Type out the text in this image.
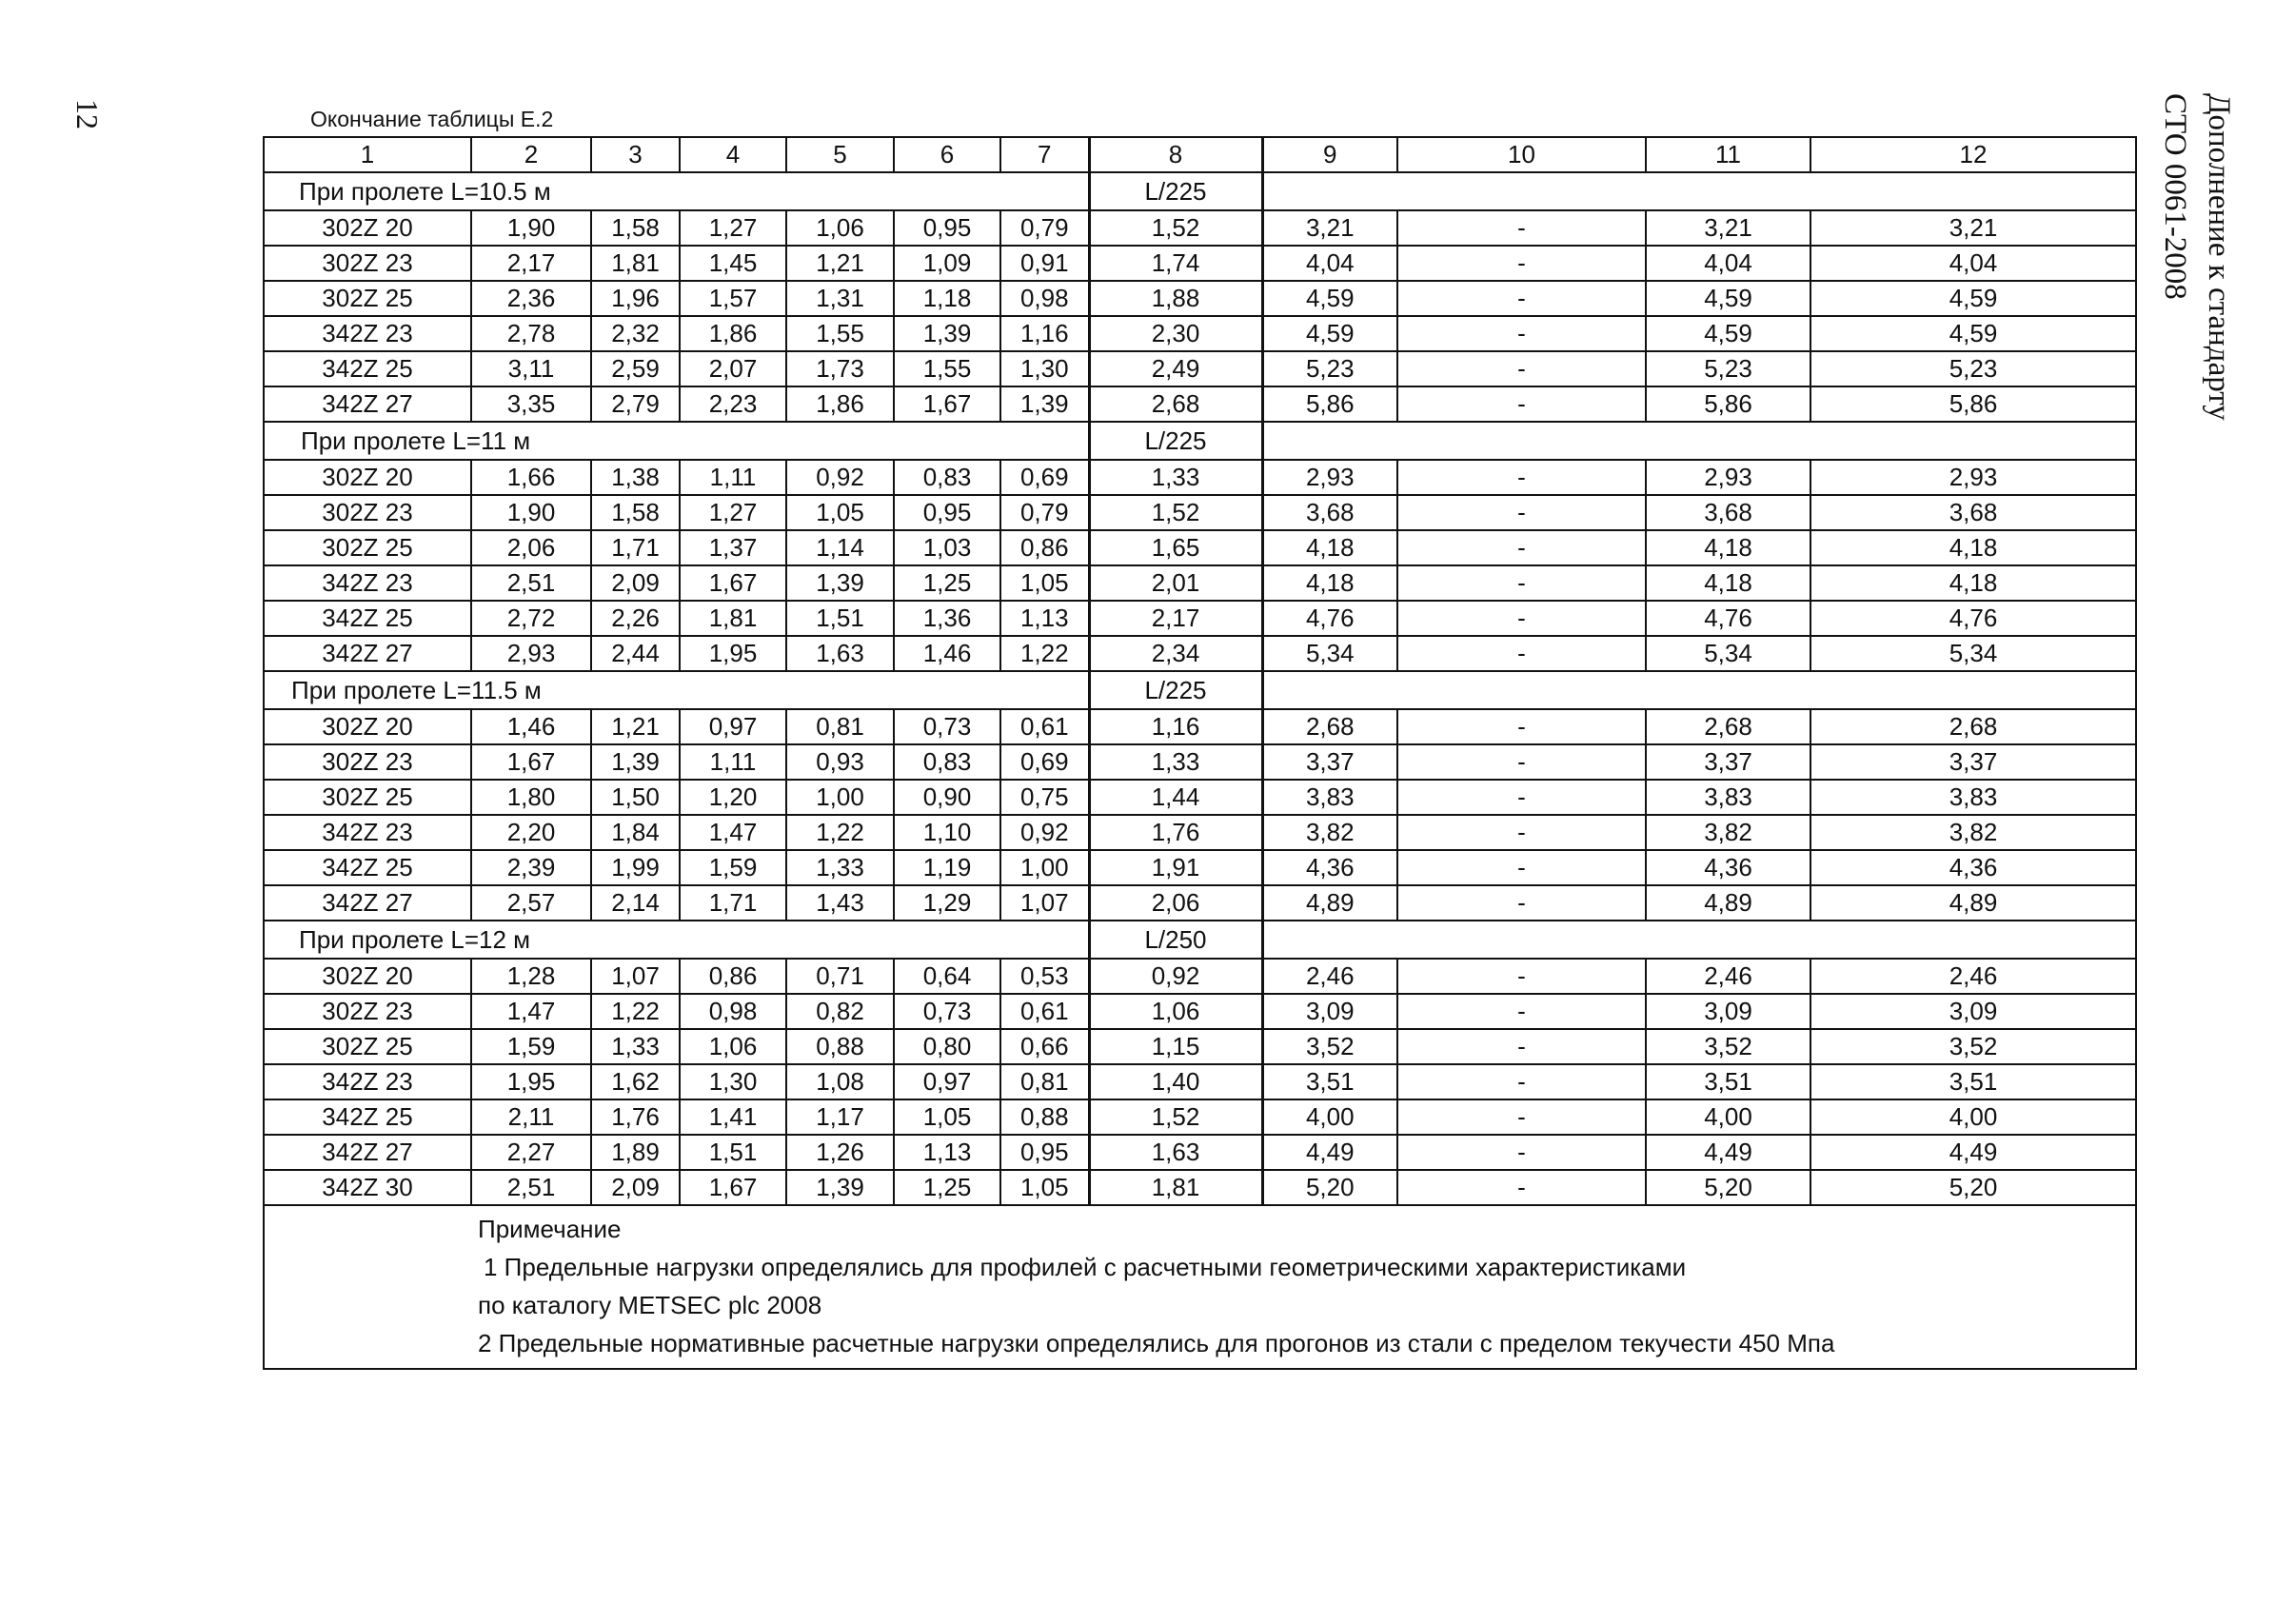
12	Дополнение к стандарту
СТО 0061-2008
Окончание таблицы Е.2
1	2	3	4	5	6	7	8	9	10	11	12
При пролете L=10.5 м							L/225				
302Z 20	1,90	1,58	1,27	1,06	0,95	0,79	1,52	3,21	-	3,21	3,21
302Z 23	2,17	1,81	1,45	1,21	1,09	0,91	1,74	4,04	-	4,04	4,04
302Z 25	2,36	1,96	1,57	1,31	1,18	0,98	1,88	4,59	-	4,59	4,59
342Z 23	2,78	2,32	1,86	1,55	1,39	1,16	2,30	4,59	-	4,59	4,59
342Z 25	3,11	2,59	2,07	1,73	1,55	1,30	2,49	5,23	-	5,23	5,23
342Z 27	3,35	2,79	2,23	1,86	1,67	1,39	2,68	5,86	-	5,86	5,86
При пролете L=11 м							L/225				
302Z 20	1,66	1,38	1,11	0,92	0,83	0,69	1,33	2,93	-	2,93	2,93
302Z 23	1,90	1,58	1,27	1,05	0,95	0,79	1,52	3,68	-	3,68	3,68
302Z 25	2,06	1,71	1,37	1,14	1,03	0,86	1,65	4,18	-	4,18	4,18
342Z 23	2,51	2,09	1,67	1,39	1,25	1,05	2,01	4,18	-	4,18	4,18
342Z 25	2,72	2,26	1,81	1,51	1,36	1,13	2,17	4,76	-	4,76	4,76
342Z 27	2,93	2,44	1,95	1,63	1,46	1,22	2,34	5,34	-	5,34	5,34
При пролете L=11.5 м							L/225				
302Z 20	1,46	1,21	0,97	0,81	0,73	0,61	1,16	2,68	-	2,68	2,68
302Z 23	1,67	1,39	1,11	0,93	0,83	0,69	1,33	3,37	-	3,37	3,37
302Z 25	1,80	1,50	1,20	1,00	0,90	0,75	1,44	3,83	-	3,83	3,83
342Z 23	2,20	1,84	1,47	1,22	1,10	0,92	1,76	3,82	-	3,82	3,82
342Z 25	2,39	1,99	1,59	1,33	1,19	1,00	1,91	4,36	-	4,36	4,36
342Z 27	2,57	2,14	1,71	1,43	1,29	1,07	2,06	4,89	-	4,89	4,89
При пролете L=12 м							L/250				
302Z 20	1,28	1,07	0,86	0,71	0,64	0,53	0,92	2,46	-	2,46	2,46
302Z 23	1,47	1,22	0,98	0,82	0,73	0,61	1,06	3,09	-	3,09	3,09
302Z 25	1,59	1,33	1,06	0,88	0,80	0,66	1,15	3,52	-	3,52	3,52
342Z 23	1,95	1,62	1,30	1,08	0,97	0,81	1,40	3,51	-	3,51	3,51
342Z 25	2,11	1,76	1,41	1,17	1,05	0,88	1,52	4,00	-	4,00	4,00
342Z 27	2,27	1,89	1,51	1,26	1,13	0,95	1,63	4,49	-	4,49	4,49
342Z 30	2,51	2,09	1,67	1,39	1,25	1,05	1,81	5,20	-	5,20	5,20

Примечание
1 Предельные нагрузки определялись для профилей с расчетными геометрическими характеристиками
по каталогу METSEC plc 2008
2 Предельные нормативные расчетные нагрузки определялись для прогонов из стали с пределом текучести 450 Мпа											
